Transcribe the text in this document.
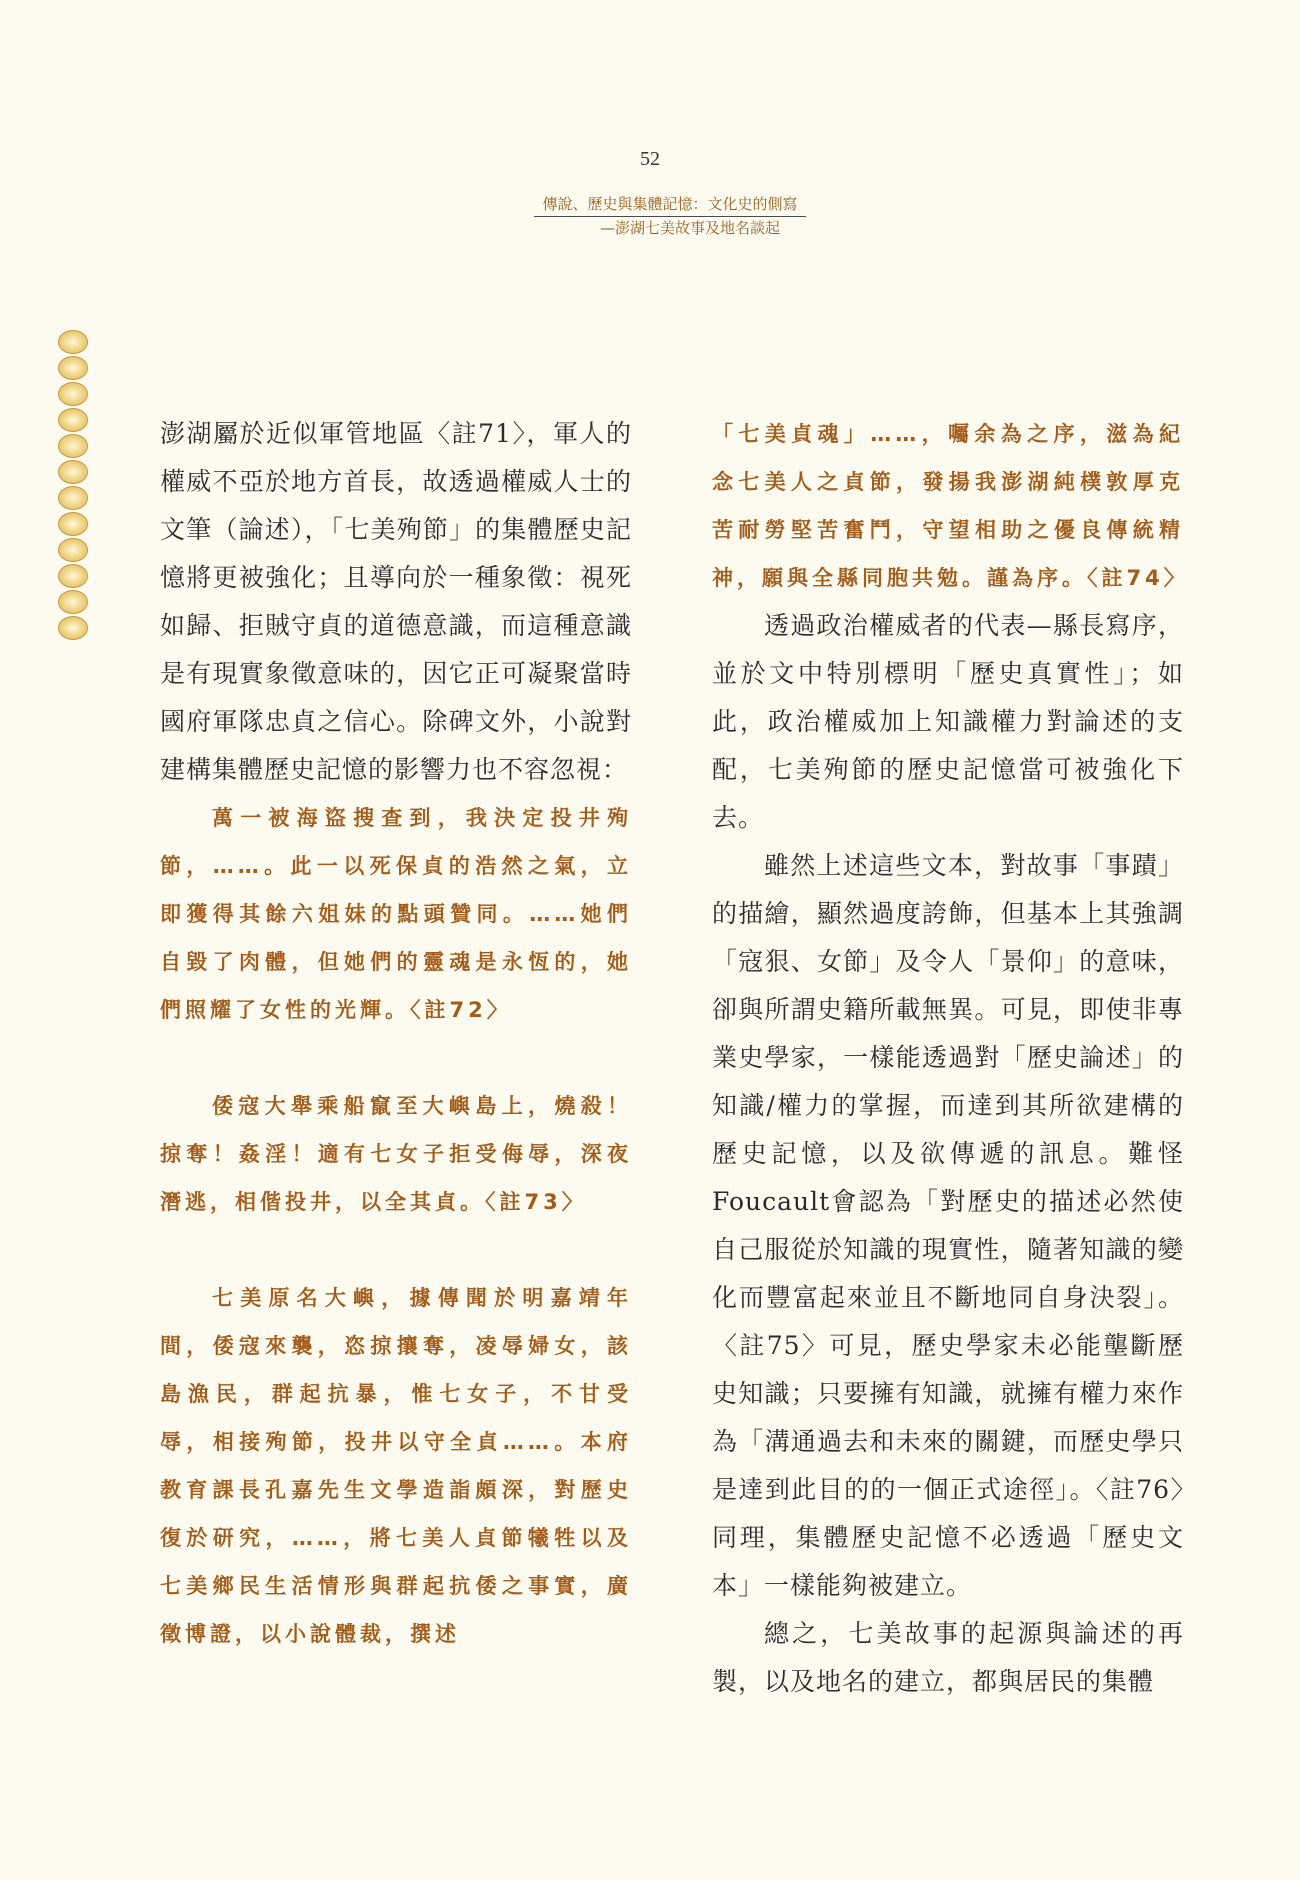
52
傳說、歷史與集體記憶：文化史的側寫
—澎湖七美故事及地名談起

澎湖屬於近似軍管地區〈註71〉，軍人的權威不亞於地方首長，故透過權威人士的文筆（論述），「七美殉節」的集體歷史記憶將更被強化；且導向於一種象徵：視死如歸、拒賊守貞的道德意識，而這種意識是有現實象徵意味的，因它正可凝聚當時國府軍隊忠貞之信心。除碑文外，小說對建構集體歷史記憶的影響力也不容忽視：

萬一被海盜搜查到，我決定投井殉節，……。此一以死保貞的浩然之氣，立即獲得其餘六姐妹的點頭贊同。……她們自毀了肉體，但她們的靈魂是永恆的，她們照耀了女性的光輝。〈註72〉

倭寇大舉乘船竄至大嶼島上，燒殺！掠奪！姦淫！適有七女子拒受侮辱，深夜潛逃，相偕投井，以全其貞。〈註73〉

七美原名大嶼，據傳聞於明嘉靖年間，倭寇來襲，恣掠攘奪，凌辱婦女，該島漁民，群起抗暴，惟七女子，不甘受辱，相接殉節，投井以守全貞……。本府教育課長孔嘉先生文學造詣頗深，對歷史復於研究，……，將七美人貞節犧牲以及七美鄉民生活情形與群起抗倭之事實，廣徵博證，以小說體裁，撰述

「七美貞魂」……，囑余為之序，滋為紀念七美人之貞節，發揚我澎湖純樸敦厚克苦耐勞堅苦奮鬥，守望相助之優良傳統精神，願與全縣同胞共勉。謹為序。〈註74〉

透過政治權威者的代表—縣長寫序，並於文中特別標明「歷史真實性」；如此，政治權威加上知識權力對論述的支配，七美殉節的歷史記憶當可被強化下去。

雖然上述這些文本，對故事「事蹟」的描繪，顯然過度誇飾，但基本上其強調「寇狠、女節」及令人「景仰」的意味，卻與所謂史籍所載無異。可見，即使非專業史學家，一樣能透過對「歷史論述」的知識/權力的掌握，而達到其所欲建構的歷史記憶，以及欲傳遞的訊息。難怪Foucault會認為「對歷史的描述必然使自己服從於知識的現實性，隨著知識的變化而豐富起來並且不斷地同自身決裂」。〈註75〉可見，歷史學家未必能壟斷歷史知識；只要擁有知識，就擁有權力來作為「溝通過去和未來的關鍵，而歷史學只是達到此目的的一個正式途徑」。〈註76〉同理，集體歷史記憶不必透過「歷史文本」一樣能夠被建立。

總之，七美故事的起源與論述的再製，以及地名的建立，都與居民的集體
